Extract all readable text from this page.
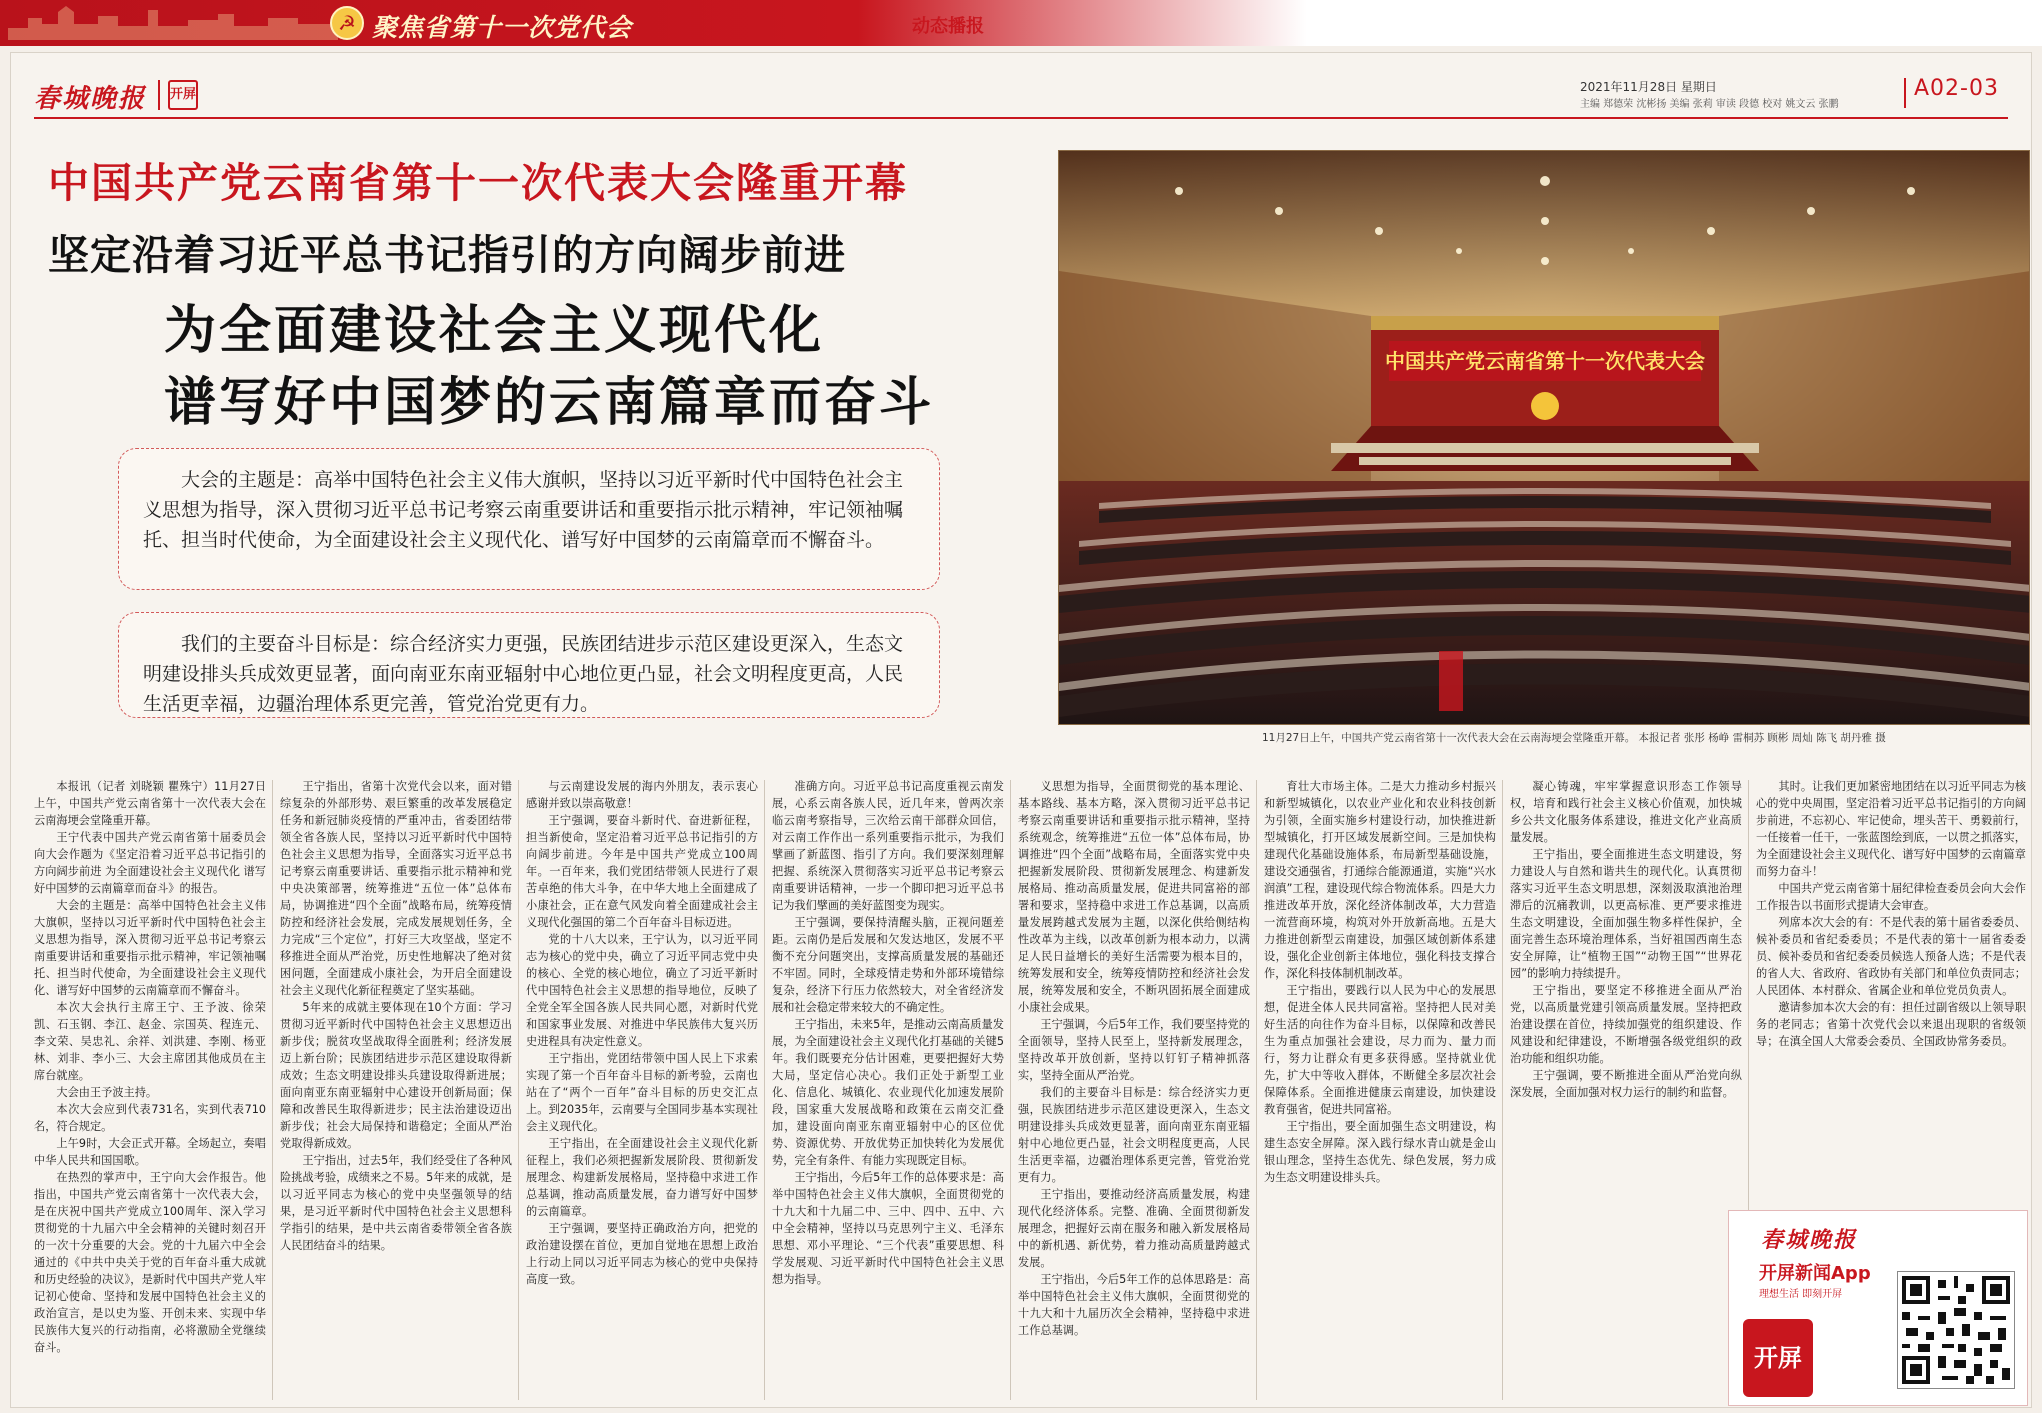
☭ 聚焦省第十一次党代会	动态播报
春城晚报 开屏	2021年11月28日 星期日
主编 郑德荣 沈彬扬 美编 张莉 审读 段德 校对 姚文云 张鹏
A02-03
中国共产党云南省第十一次代表大会隆重开幕
坚定沿着习近平总书记指引的方向阔步前进
为全面建设社会主义现代化
谱写好中国梦的云南篇章而奋斗
大会的主题是：高举中国特色社会主义伟大旗帜，坚持以习近平新时代中国特色社会主义思想为指导，深入贯彻习近平总书记考察云南重要讲话和重要指示批示精神，牢记领袖嘱托、担当时代使命，为全面建设社会主义现代化、谱写好中国梦的云南篇章而不懈奋斗。
我们的主要奋斗目标是：综合经济实力更强，民族团结进步示范区建设更深入，生态文明建设排头兵成效更显著，面向南亚东南亚辐射中心地位更凸显，社会文明程度更高，人民生活更幸福，边疆治理体系更完善，管党治党更有力。
中国共产党云南省第十一次代表大会
11月27日上午，中国共产党云南省第十一次代表大会在云南海埂会堂隆重开幕。 本报记者 张彤 杨峥 雷桐苏 顾彬 周灿 陈飞 胡丹雅 摄

本报讯（记者 刘晓颖 瞿殊宁）11月27日上午，中国共产党云南省第十一次代表大会在云南海埂会堂隆重开幕。

王宁代表中国共产党云南省第十届委员会向大会作题为《坚定沿着习近平总书记指引的方向阔步前进 为全面建设社会主义现代化 谱写好中国梦的云南篇章而奋斗》的报告。

大会的主题是：高举中国特色社会主义伟大旗帜，坚持以习近平新时代中国特色社会主义思想为指导，深入贯彻习近平总书记考察云南重要讲话和重要指示批示精神，牢记领袖嘱托、担当时代使命，为全面建设社会主义现代化、谱写好中国梦的云南篇章而不懈奋斗。

本次大会执行主席王宁、王予波、徐荣凯、石玉钢、李江、赵金、宗国英、程连元、李文荣、吴忠礼、余祥、刘洪建、李刚、杨亚林、刘非、李小三、大会主席团其他成员在主席台就座。

大会由王予波主持。

本次大会应到代表731名，实到代表710名，符合规定。

上午9时，大会正式开幕。全场起立，奏唱中华人民共和国国歌。

在热烈的掌声中，王宁向大会作报告。他指出，中国共产党云南省第十一次代表大会，是在庆祝中国共产党成立100周年、深入学习贯彻党的十九届六中全会精神的关键时刻召开的一次十分重要的大会。党的十九届六中全会通过的《中共中央关于党的百年奋斗重大成就和历史经验的决议》，是新时代中国共产党人牢记初心使命、坚持和发展中国特色社会主义的政治宣言，是以史为鉴、开创未来、实现中华民族伟大复兴的行动指南，必将激励全党继续奋斗。

王宁指出，省第十次党代会以来，面对错综复杂的外部形势、艰巨繁重的改革发展稳定任务和新冠肺炎疫情的严重冲击，省委团结带领全省各族人民，坚持以习近平新时代中国特色社会主义思想为指导，全面落实习近平总书记考察云南重要讲话、重要指示批示精神和党中央决策部署，统筹推进“五位一体”总体布局，协调推进“四个全面”战略布局，统筹疫情防控和经济社会发展，完成发展规划任务，全力完成“三个定位”，打好三大攻坚战，坚定不移推进全面从严治党，历史性地解决了绝对贫困问题，全面建成小康社会，为开启全面建设社会主义现代化新征程奠定了坚实基础。

5年来的成就主要体现在10个方面：学习贯彻习近平新时代中国特色社会主义思想迈出新步伐；脱贫攻坚战取得全面胜利；经济发展迈上新台阶；民族团结进步示范区建设取得新成效；生态文明建设排头兵建设取得新进展；面向南亚东南亚辐射中心建设开创新局面；保障和改善民生取得新进步；民主法治建设迈出新步伐；社会大局保持和谐稳定；全面从严治党取得新成效。

王宁指出，过去5年，我们经受住了各种风险挑战考验，成绩来之不易。5年来的成就，是以习近平同志为核心的党中央坚强领导的结果，是习近平新时代中国特色社会主义思想科学指引的结果，是中共云南省委带领全省各族人民团结奋斗的结果。

与云南建设发展的海内外朋友，表示衷心感谢并致以崇高敬意！

王宁强调，要奋斗新时代、奋进新征程，担当新使命，坚定沿着习近平总书记指引的方向阔步前进。今年是中国共产党成立100周年。一百年来，我们党团结带领人民进行了艰苦卓绝的伟大斗争，在中华大地上全面建成了小康社会，正在意气风发向着全面建成社会主义现代化强国的第二个百年奋斗目标迈进。

党的十八大以来，王宁认为，以习近平同志为核心的党中央，确立了习近平同志党中央的核心、全党的核心地位，确立了习近平新时代中国特色社会主义思想的指导地位，反映了全党全军全国各族人民共同心愿，对新时代党和国家事业发展、对推进中华民族伟大复兴历史进程具有决定性意义。

王宁指出，党团结带领中国人民上下求索实现了第一个百年奋斗目标的新考验，云南也站在了“两个一百年”奋斗目标的历史交汇点上。到2035年，云南要与全国同步基本实现社会主义现代化。

王宁指出，在全面建设社会主义现代化新征程上，我们必须把握新发展阶段、贯彻新发展理念、构建新发展格局，坚持稳中求进工作总基调，推动高质量发展，奋力谱写好中国梦的云南篇章。

王宁强调，要坚持正确政治方向，把党的政治建设摆在首位，更加自觉地在思想上政治上行动上同以习近平同志为核心的党中央保持高度一致。

准确方向。习近平总书记高度重视云南发展，心系云南各族人民，近几年来，曾两次亲临云南考察指导，三次给云南干部群众回信，对云南工作作出一系列重要指示批示，为我们擘画了新蓝图、指引了方向。我们要深刻理解把握、系统深入贯彻落实习近平总书记考察云南重要讲话精神，一步一个脚印把习近平总书记为我们擘画的美好蓝图变为现实。

王宁强调，要保持清醒头脑，正视问题差距。云南仍是后发展和欠发达地区，发展不平衡不充分问题突出，支撑高质量发展的基础还不牢固。同时，全球疫情走势和外部环境错综复杂，经济下行压力依然较大，对全省经济发展和社会稳定带来较大的不确定性。

王宁指出，未来5年，是推动云南高质量发展，为全面建设社会主义现代化打基础的关键5年。我们既要充分估计困难，更要把握好大势大局，坚定信心决心。我们正处于新型工业化、信息化、城镇化、农业现代化加速发展阶段，国家重大发展战略和政策在云南交汇叠加，建设面向南亚东南亚辐射中心的区位优势、资源优势、开放优势正加快转化为发展优势，完全有条件、有能力实现既定目标。

王宁指出，今后5年工作的总体要求是：高举中国特色社会主义伟大旗帜，全面贯彻党的十九大和十九届二中、三中、四中、五中、六中全会精神，坚持以马克思列宁主义、毛泽东思想、邓小平理论、“三个代表”重要思想、科学发展观、习近平新时代中国特色社会主义思想为指导。

义思想为指导，全面贯彻党的基本理论、基本路线、基本方略，深入贯彻习近平总书记考察云南重要讲话和重要指示批示精神，坚持系统观念，统筹推进“五位一体”总体布局，协调推进“四个全面”战略布局，全面落实党中央把握新发展阶段、贯彻新发展理念、构建新发展格局、推动高质量发展，促进共同富裕的部署和要求，坚持稳中求进工作总基调，以高质量发展跨越式发展为主题，以深化供给侧结构性改革为主线，以改革创新为根本动力，以满足人民日益增长的美好生活需要为根本目的，统筹发展和安全，统筹疫情防控和经济社会发展，统筹发展和安全，不断巩固拓展全面建成小康社会成果。

王宁强调，今后5年工作，我们要坚持党的全面领导，坚持人民至上，坚持新发展理念，坚持改革开放创新，坚持以钉钉子精神抓落实，坚持全面从严治党。

我们的主要奋斗目标是：综合经济实力更强，民族团结进步示范区建设更深入，生态文明建设排头兵成效更显著，面向南亚东南亚辐射中心地位更凸显，社会文明程度更高，人民生活更幸福，边疆治理体系更完善，管党治党更有力。

王宁指出，要推动经济高质量发展，构建现代化经济体系。完整、准确、全面贯彻新发展理念，把握好云南在服务和融入新发展格局中的新机遇、新优势，着力推动高质量跨越式发展。

王宁指出，今后5年工作的总体思路是：高举中国特色社会主义伟大旗帜，全面贯彻党的十九大和十九届历次全会精神，坚持稳中求进工作总基调。

育壮大市场主体。二是大力推动乡村振兴和新型城镇化，以农业产业化和农业科技创新为引领，全面实施乡村建设行动，加快推进新型城镇化，打开区域发展新空间。三是加快构建现代化基础设施体系，布局新型基础设施，建设交通强省，打通综合能源通道，实施“兴水润滇”工程，建设现代综合物流体系。四是大力推进改革开放，深化经济体制改革，大力营造一流营商环境，构筑对外开放新高地。五是大力推进创新型云南建设，加强区域创新体系建设，强化企业创新主体地位，强化科技支撑合作，深化科技体制机制改革。

王宁指出，要践行以人民为中心的发展思想，促进全体人民共同富裕。坚持把人民对美好生活的向往作为奋斗目标，以保障和改善民生为重点加强社会建设，尽力而为、量力而行，努力让群众有更多获得感。坚持就业优先，扩大中等收入群体，不断健全多层次社会保障体系。全面推进健康云南建设，加快建设教育强省，促进共同富裕。

王宁指出，要全面加强生态文明建设，构建生态安全屏障。深入践行绿水青山就是金山银山理念，坚持生态优先、绿色发展，努力成为生态文明建设排头兵。

凝心铸魂，牢牢掌握意识形态工作领导权，培育和践行社会主义核心价值观，加快城乡公共文化服务体系建设，推进文化产业高质量发展。

王宁指出，要全面推进生态文明建设，努力建设人与自然和谐共生的现代化。认真贯彻落实习近平生态文明思想，深刻汲取滇池治理滞后的沉痛教训，以更高标准、更严要求推进生态文明建设，全面加强生物多样性保护，全面完善生态环境治理体系，当好祖国西南生态安全屏障，让“植物王国”“动物王国”“世界花园”的影响力持续提升。

王宁指出，要坚定不移推进全面从严治党，以高质量党建引领高质量发展。坚持把政治建设摆在首位，持续加强党的组织建设、作风建设和纪律建设，不断增强各级党组织的政治功能和组织功能。

王宁强调，要不断推进全面从严治党向纵深发展，全面加强对权力运行的制约和监督。

其时。让我们更加紧密地团结在以习近平同志为核心的党中央周围，坚定沿着习近平总书记指引的方向阔步前进，不忘初心、牢记使命，埋头苦干、勇毅前行，一任接着一任干，一张蓝图绘到底，一以贯之抓落实，为全面建设社会主义现代化、谱写好中国梦的云南篇章而努力奋斗！

中国共产党云南省第十届纪律检查委员会向大会作工作报告以书面形式提请大会审查。

列席本次大会的有：不是代表的第十届省委委员、候补委员和省纪委委员；不是代表的第十一届省委委员、候补委员和省纪委委员候选人预备人选；不是代表的省人大、省政府、省政协有关部门和单位负责同志；人民团体、本村群众、省属企业和单位党员负责人。

邀请参加本次大会的有：担任过副省级以上领导职务的老同志；省第十次党代会以来退出现职的省级领导；在滇全国人大常委会委员、全国政协常务委员。

春城晚报
开屏新闻App
理想生活 即刻开屏
开屏
